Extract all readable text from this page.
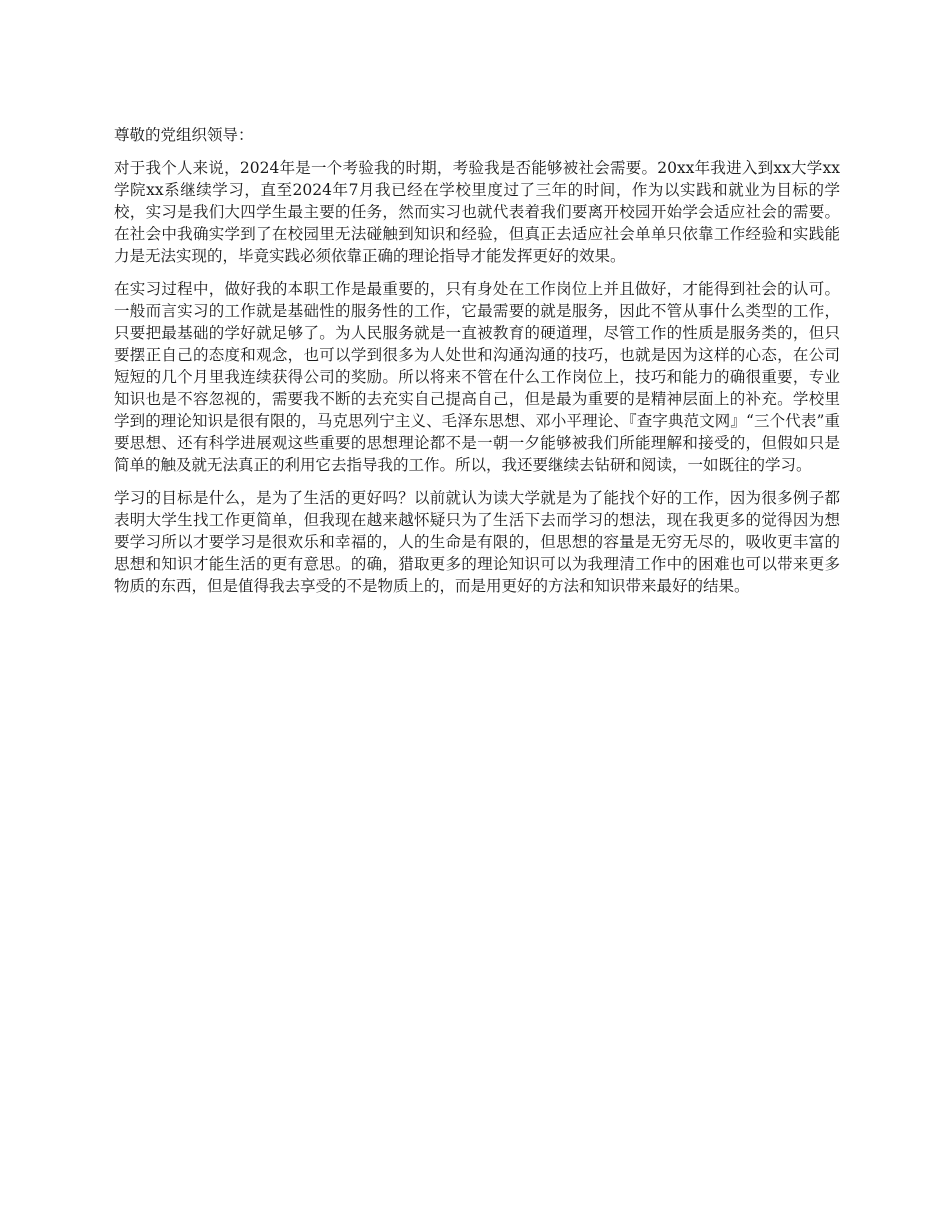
尊敬的党组织领导：

对于我个人来说，2024年是一个考验我的时期，考验我是否能够被社会需要。20xx年我进入到xx大学xx学院xx系继续学习，直至2024年7月我已经在学校里度过了三年的时间，作为以实践和就业为目标的学校，实习是我们大四学生最主要的任务，然而实习也就代表着我们要离开校园开始学会适应社会的需要。在社会中我确实学到了在校园里无法碰触到知识和经验，但真正去适应社会单单只依靠工作经验和实践能力是无法实现的，毕竟实践必须依靠正确的理论指导才能发挥更好的效果。

在实习过程中，做好我的本职工作是最重要的，只有身处在工作岗位上并且做好，才能得到社会的认可。一般而言实习的工作就是基础性的服务性的工作，它最需要的就是服务，因此不管从事什么类型的工作，只要把最基础的学好就足够了。为人民服务就是一直被教育的硬道理，尽管工作的性质是服务类的，但只要摆正自己的态度和观念，也可以学到很多为人处世和沟通沟通的技巧，也就是因为这样的心态，在公司短短的几个月里我连续获得公司的奖励。所以将来不管在什么工作岗位上，技巧和能力的确很重要，专业知识也是不容忽视的，需要我不断的去充实自己提高自己，但是最为重要的是精神层面上的补充。学校里学到的理论知识是很有限的，马克思列宁主义、毛泽东思想、邓小平理论、『查字典范文网』“三个代表”重要思想、还有科学进展观这些重要的思想理论都不是一朝一夕能够被我们所能理解和接受的，但假如只是简单的触及就无法真正的利用它去指导我的工作。所以，我还要继续去钻研和阅读，一如既往的学习。

学习的目标是什么，是为了生活的更好吗？以前就认为读大学就是为了能找个好的工作，因为很多例子都表明大学生找工作更简单，但我现在越来越怀疑只为了生活下去而学习的想法，现在我更多的觉得因为想要学习所以才要学习是很欢乐和幸福的，人的生命是有限的，但思想的容量是无穷无尽的，吸收更丰富的思想和知识才能生活的更有意思。的确，猎取更多的理论知识可以为我理清工作中的困难也可以带来更多物质的东西，但是值得我去享受的不是物质上的，而是用更好的方法和知识带来最好的结果。
